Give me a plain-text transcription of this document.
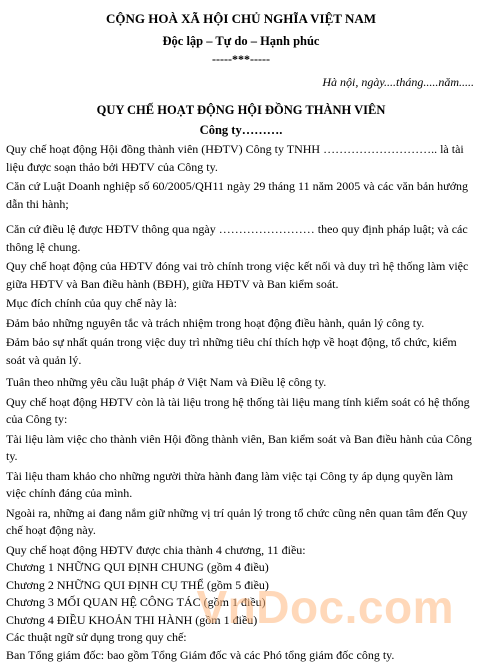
CỘNG HOÀ XÃ HỘI CHỦ NGHĨA VIỆT NAM
Độc lập – Tự do – Hạnh phúc
-----***-----
Hà nội, ngày....tháng.....năm.....
QUY CHẾ HOẠT ĐỘNG HỘI ĐỒNG THÀNH VIÊN
Công ty……….

Quy chế hoạt động Hội đồng thành viên (HĐTV) Công ty TNHH ……………………….. là tài liệu được soạn thảo bởi HĐTV của Công ty.

Căn cứ Luật Doanh nghiệp số 60/2005/QH11 ngày 29 tháng 11 năm 2005 và các văn bản hướng dẫn thi hành;

Căn cứ điều lệ được HĐTV thông qua ngày …………………… theo quy định pháp luật; và các thông lệ chung.

Quy chế hoạt động của HĐTV đóng vai trò chính trong việc kết nối và duy trì hệ thống làm việc giữa HĐTV và Ban điều hành (BĐH), giữa HĐTV và Ban kiểm soát.

Mục đích chính của quy chế này là:

Đảm bảo những nguyên tắc và trách nhiệm trong hoạt động điều hành, quản lý công ty.

Đảm bảo sự nhất quán trong việc duy trì những tiêu chí thích hợp về hoạt động, tổ chức, kiểm soát và quản lý.

Tuân theo những yêu cầu luật pháp ở Việt Nam và Điều lệ công ty.

Quy chế hoạt động HĐTV còn là tài liệu trong hệ thống tài liệu mang tính kiểm soát có hệ thống của Công ty:

Tài liệu làm việc cho thành viên Hội đồng thành viên, Ban kiểm soát và Ban điều hành của Công ty.

Tài liệu tham khảo cho những người thừa hành đang làm việc tại Công ty áp dụng quyền làm việc chính đáng của mình.

Ngoài ra, những ai đang nắm giữ những vị trí quản lý trong tổ chức cũng nên quan tâm đến Quy chế hoạt động này.

Quy chế hoạt động HĐTV được chia thành 4 chương, 11 điều:

Chương 1 NHỮNG QUI ĐỊNH CHUNG (gồm 4 điều)

Chương 2 NHỮNG QUI ĐỊNH CỤ THỂ (gồm 5 điều)

Chương 3 MỐI QUAN HỆ CÔNG TÁC (gồm 1 điều)

Chương 4 ĐIỀU KHOẢN THI HÀNH (gồm 1 điều)

Các thuật ngữ sử dụng trong quy chế:

Ban Tổng giám đốc: bao gồm Tổng Giám đốc và các Phó tổng giám đốc công ty.

VnDoc.com
